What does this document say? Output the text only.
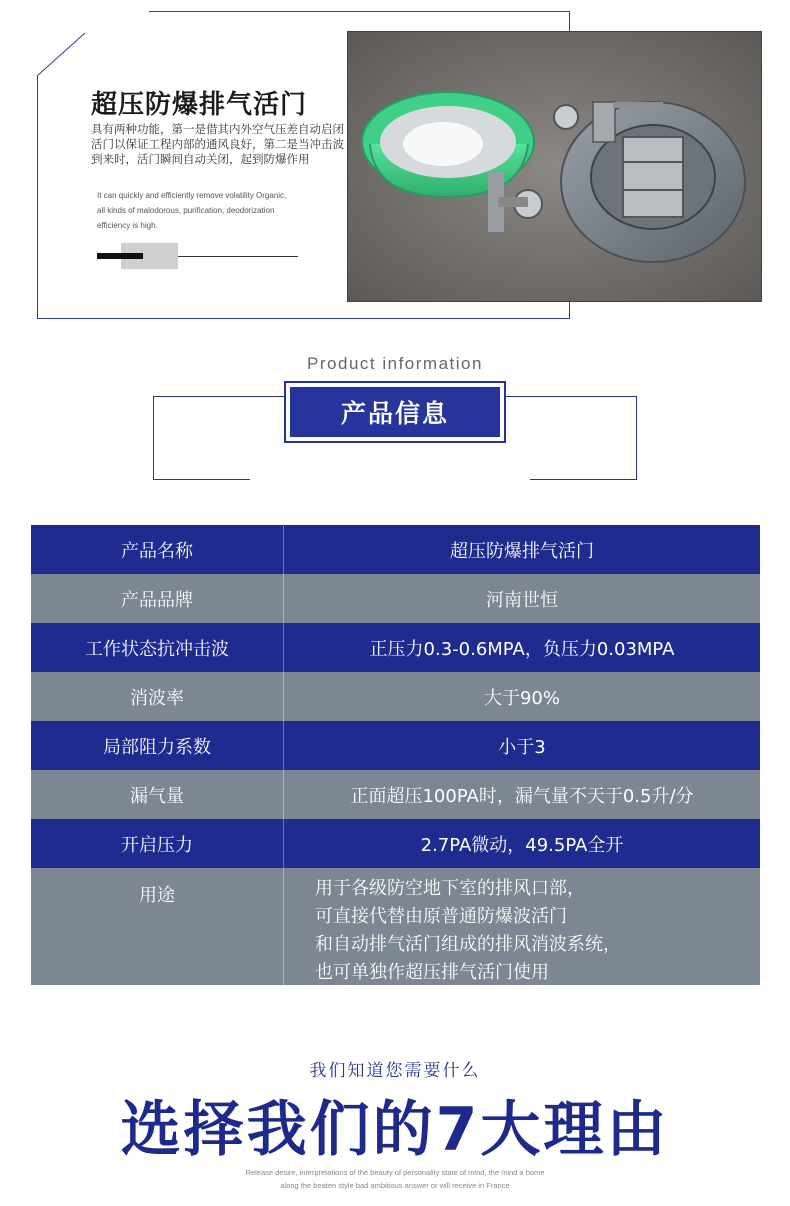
超压防爆排气活门
具有两种功能，第一是借其内外空气压差自动启闭活门以保证工程内部的通风良好，第二是当冲击波到来时，活门瞬间自动关闭，起到防爆作用
It can quickly and efficiently remove volatility Organic, all kinds of malodorous, purification, deodorization efficiency is high.
Product information
产品信息
产品名称	超压防爆排气活门
产品品牌	河南世恒
工作状态抗冲击波	正压力0.3-0.6MPA，负压力0.03MPA
消波率	大于90%
局部阻力系数	小于3
漏气量	正面超压100PA时，漏气量不天于0.5升/分
开启压力	2.7PA微动，49.5PA全开
用途	用于各级防空地下室的排风口部，
可直接代替由原普通防爆波活门
和自动排气活门组成的排风消波系统，
也可单独作超压排气活门使用
我们知道您需要什么
选择我们的7大理由
Release desire, interpretations of the beauty of personality state of mind, the mind a home
along the beaten style bad ambitious answer or will receive in France
